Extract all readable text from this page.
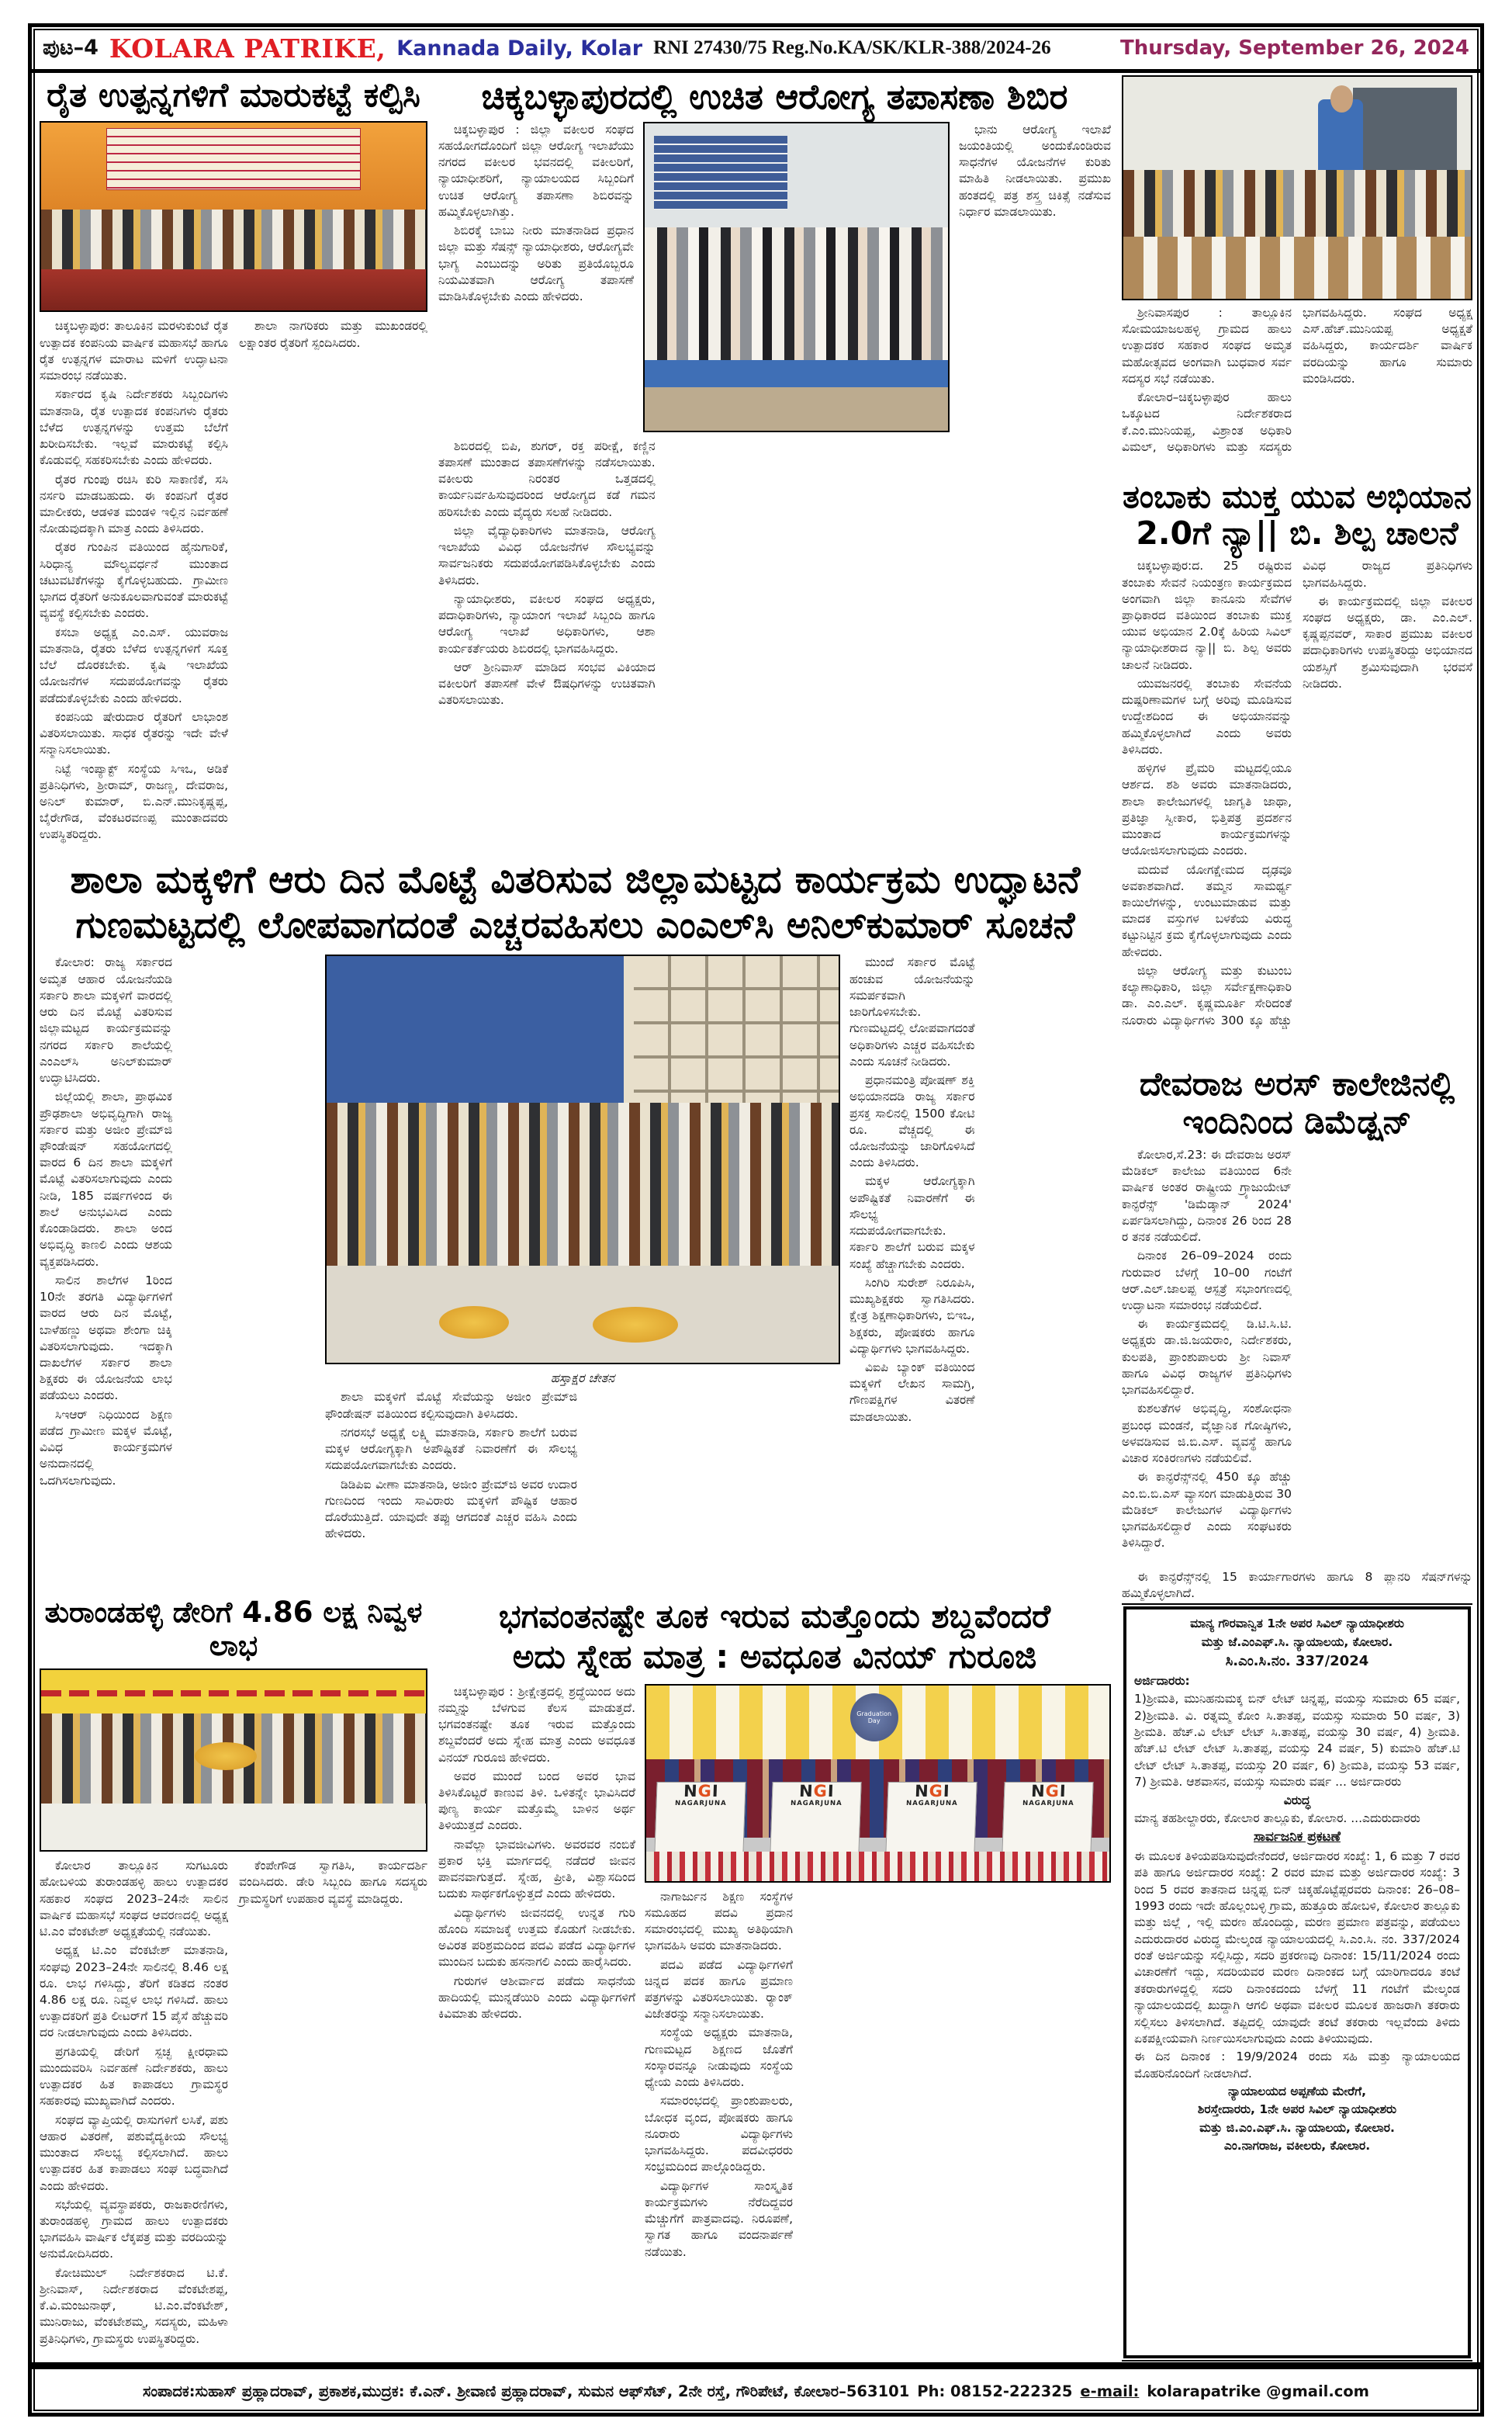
ಪುಟ–4 KOLARA PATRIKE, Kannada Daily, Kolar RNI 27430/75 Reg.No.KA/SK/KLR-388/2024-26	Thursday, September 26, 2024
ರೈತ ಉತ್ಪನ್ನಗಳಿಗೆ ಮಾರುಕಟ್ಟೆ ಕಲ್ಪಿಸಿ

ಚಿಕ್ಕಬಳ್ಳಾಪುರ: ತಾಲೂಕಿನ ಮರಳುಕುಂಟೆ ರೈತ ಉತ್ಪಾದಕ ಕಂಪನಿಯ ವಾರ್ಷಿಕ ಮಹಾಸಭೆ ಹಾಗೂ ರೈತ ಉತ್ಪನ್ನಗಳ ಮಾರಾಟ ಮಳಿಗೆ ಉದ್ಘಾಟನಾ ಸಮಾರಂಭ ನಡೆಯಿತು.

ಸರ್ಕಾರದ ಕೃಷಿ ನಿರ್ದೇಶಕರು ಸಿಬ್ಬಂದಿಗಳು ಮಾತನಾಡಿ, ರೈತ ಉತ್ಪಾದಕ ಕಂಪನಿಗಳು ರೈತರು ಬೆಳೆದ ಉತ್ಪನ್ನಗಳನ್ನು ಉತ್ತಮ ಬೆಲೆಗೆ ಖರೀದಿಸಬೇಕು. ಇಲ್ಲವೆ ಮಾರುಕಟ್ಟೆ ಕಲ್ಪಿಸಿ ಕೊಡುವಲ್ಲಿ ಸಹಕರಿಸಬೇಕು ಎಂದು ಹೇಳಿದರು.

ರೈತರ ಗುಂಪು ರಚಿಸಿ ಕುರಿ ಸಾಕಾಣಿಕೆ, ಸಸಿ ನರ್ಸರಿ ಮಾಡಬಹುದು. ಈ ಕಂಪನಿಗೆ ರೈತರ ಮಾಲೀಕರು, ಆಡಳಿತ ಮಂಡಳಿ ಇಲ್ಲಿನ ನಿರ್ವಹಣೆ ನೋಡುವುದಕ್ಕಾಗಿ ಮಾತ್ರ ಎಂದು ತಿಳಿಸಿದರು.

ರೈತರ ಗುಂಪಿನ ವತಿಯಿಂದ ಹೈನುಗಾರಿಕೆ, ಸಿರಿಧಾನ್ಯ ಮೌಲ್ಯವರ್ಧನೆ ಮುಂತಾದ ಚಟುವಟಿಕೆಗಳನ್ನು ಕೈಗೊಳ್ಳಬಹುದು. ಗ್ರಾಮೀಣ ಭಾಗದ ರೈತರಿಗೆ ಅನುಕೂಲವಾಗುವಂತೆ ಮಾರುಕಟ್ಟೆ ವ್ಯವಸ್ಥೆ ಕಲ್ಪಿಸಬೇಕು ಎಂದರು.

ಕಸಬಾ ಅಧ್ಯಕ್ಷ ಎಂ.ಎಸ್. ಯುವರಾಜ ಮಾತನಾಡಿ, ರೈತರು ಬೆಳೆದ ಉತ್ಪನ್ನಗಳಿಗೆ ಸೂಕ್ತ ಬೆಲೆ ದೊರಕಬೇಕು. ಕೃಷಿ ಇಲಾಖೆಯ ಯೋಜನೆಗಳ ಸದುಪಯೋಗವನ್ನು ರೈತರು ಪಡೆದುಕೊಳ್ಳಬೇಕು ಎಂದು ಹೇಳಿದರು.

ಕಂಪನಿಯ ಷೇರುದಾರ ರೈತರಿಗೆ ಲಾಭಾಂಶ ವಿತರಿಸಲಾಯಿತು. ಸಾಧಕ ರೈತರನ್ನು ಇದೇ ವೇಳೆ ಸನ್ಮಾನಿಸಲಾಯಿತು.

ನಿಟ್ಟೆ ಇಂಪ್ಯಾಕ್ಟ್ ಸಂಸ್ಥೆಯ ಸಿಇಒ, ಅಡಿಕೆ ಪ್ರತಿನಿಧಿಗಳು, ಶ್ರೀರಾಮ್, ರಾಜಣ್ಣ, ದೇವರಾಜ, ಅನಿಲ್ ಕುಮಾರ್, ಬಿ.ಎನ್.ಮುನಿಕೃಷ್ಣಪ್ಪ, ಬೈರೇಗೌಡ, ವೆಂಕಟರವಣಪ್ಪ ಮುಂತಾದವರು ಉಪಸ್ಥಿತರಿದ್ದರು.

ಶಾಲಾ ನಾಗರಿಕರು ಮತ್ತು ಮುಖಂಡರಲ್ಲಿ ಲಕ್ಷಾಂತರ ರೈತರಿಗೆ ಸ್ಪಂದಿಸಿದರು.

ಚಿಕ್ಕಬಳ್ಳಾಪುರದಲ್ಲಿ ಉಚಿತ ಆರೋಗ್ಯ ತಪಾಸಣಾ ಶಿಬಿರ

ಚಿಕ್ಕಬಳ್ಳಾಪುರ : ಜಿಲ್ಲಾ ವಕೀಲರ ಸಂಘದ ಸಹಯೋಗದೊಂದಿಗೆ ಜಿಲ್ಲಾ ಆರೋಗ್ಯ ಇಲಾಖೆಯು ನಗರದ ವಕೀಲರ ಭವನದಲ್ಲಿ ವಕೀಲರಿಗೆ, ನ್ಯಾಯಾಧೀಶರಿಗೆ, ನ್ಯಾಯಾಲಯದ ಸಿಬ್ಬಂದಿಗೆ ಉಚಿತ ಆರೋಗ್ಯ ತಪಾಸಣಾ ಶಿಬಿರವನ್ನು ಹಮ್ಮಿಕೊಳ್ಳಲಾಗಿತ್ತು.

ಶಿಬಿರಕ್ಕೆ ಬಾಬು ನೀರು ಮಾತನಾಡಿದ ಪ್ರಧಾನ ಜಿಲ್ಲಾ ಮತ್ತು ಸೆಷನ್ಸ್ ನ್ಯಾಯಾಧೀಶರು, ಆರೋಗ್ಯವೇ ಭಾಗ್ಯ ಎಂಬುದನ್ನು ಅರಿತು ಪ್ರತಿಯೊಬ್ಬರೂ ನಿಯಮಿತವಾಗಿ ಆರೋಗ್ಯ ತಪಾಸಣೆ ಮಾಡಿಸಿಕೊಳ್ಳಬೇಕು ಎಂದು ಹೇಳಿದರು.

ಭಾನು ಆರೋಗ್ಯ ಇಲಾಖೆ ಜಯಂತಿಯಲ್ಲಿ ಅಂದುಕೊಂಡಿರುವ ಸಾಧನೆಗಳ ಯೋಜನೆಗಳ ಕುರಿತು ಮಾಹಿತಿ ನೀಡಲಾಯಿತು. ಪ್ರಮುಖ ಹಂತದಲ್ಲಿ ಪತ್ರ ಶಸ್ತ್ರ ಚಿಕಿತ್ಸೆ ನಡೆಸುವ ನಿರ್ಧಾರ ಮಾಡಲಾಯಿತು.

ಶಿಬಿರದಲ್ಲಿ ಬಿಪಿ, ಶುಗರ್, ರಕ್ತ ಪರೀಕ್ಷೆ, ಕಣ್ಣಿನ ತಪಾಸಣೆ ಮುಂತಾದ ತಪಾಸಣೆಗಳನ್ನು ನಡೆಸಲಾಯಿತು. ವಕೀಲರು ನಿರಂತರ ಒತ್ತಡದಲ್ಲಿ ಕಾರ್ಯನಿರ್ವಹಿಸುವುದರಿಂದ ಆರೋಗ್ಯದ ಕಡೆ ಗಮನ ಹರಿಸಬೇಕು ಎಂದು ವೈದ್ಯರು ಸಲಹೆ ನೀಡಿದರು.

ಜಿಲ್ಲಾ ವೈದ್ಯಾಧಿಕಾರಿಗಳು ಮಾತನಾಡಿ, ಆರೋಗ್ಯ ಇಲಾಖೆಯ ವಿವಿಧ ಯೋಜನೆಗಳ ಸೌಲಭ್ಯವನ್ನು ಸಾರ್ವಜನಿಕರು ಸದುಪಯೋಗಪಡಿಸಿಕೊಳ್ಳಬೇಕು ಎಂದು ತಿಳಿಸಿದರು.

ನ್ಯಾಯಾಧೀಶರು, ವಕೀಲರ ಸಂಘದ ಅಧ್ಯಕ್ಷರು, ಪದಾಧಿಕಾರಿಗಳು, ನ್ಯಾಯಾಂಗ ಇಲಾಖೆ ಸಿಬ್ಬಂದಿ ಹಾಗೂ ಆರೋಗ್ಯ ಇಲಾಖೆ ಅಧಿಕಾರಿಗಳು, ಆಶಾ ಕಾರ್ಯಕರ್ತೆಯರು ಶಿಬಿರದಲ್ಲಿ ಭಾಗವಹಿಸಿದ್ದರು.

ಆರ್ ಶ್ರೀನಿವಾಸ್ ಮಾಡಿದ ಸಂಭವ ವಿಕಿಯಾದ ವಕೀಲರಿಗೆ ತಪಾಸಣೆ ವೇಳೆ ಔಷಧಿಗಳನ್ನು ಉಚಿತವಾಗಿ ವಿತರಿಸಲಾಯಿತು.

ಶ್ರೀನಿವಾಸಪುರ : ತಾಲ್ಲೂಕಿನ ಸೋಮಯಾಜಲಹಳ್ಳಿ ಗ್ರಾಮದ ಹಾಲು ಉತ್ಪಾದಕರ ಸಹಕಾರ ಸಂಘದ ಅಮೃತ ಮಹೋತ್ಸವದ ಅಂಗವಾಗಿ ಬುಧವಾರ ಸರ್ವ ಸದಸ್ಯರ ಸಭೆ ನಡೆಯಿತು.

ಕೋಲಾರ–ಚಿಕ್ಕಬಳ್ಳಾಪುರ ಹಾಲು ಒಕ್ಕೂಟದ ನಿರ್ದೇಶಕರಾದ ಕೆ.ಎಂ.ಮುನಿಯಪ್ಪ, ವಿಶ್ರಾಂತ ಅಧಿಕಾರಿ ವಿಮಲ್, ಅಧಿಕಾರಿಗಳು ಮತ್ತು ಸದಸ್ಯರು ಭಾಗವಹಿಸಿದ್ದರು. ಸಂಘದ ಅಧ್ಯಕ್ಷ ಎಸ್.ಹೆಚ್.ಮುನಿಯಪ್ಪ ಅಧ್ಯಕ್ಷತೆ ವಹಿಸಿದ್ದರು, ಕಾರ್ಯದರ್ಶಿ ವಾರ್ಷಿಕ ವರದಿಯನ್ನು ಹಾಗೂ ಸುಮಾರು ಮಂಡಿಸಿದರು.

ತಂಬಾಕು ಮುಕ್ತ ಯುವ ಅಭಿಯಾನ
2.0ಗೆ ನ್ಯಾ|| ಬಿ. ಶಿಲ್ಪ ಚಾಲನೆ

ಚಿಕ್ಕಬಳ್ಳಾಪುರ:ದ. 25 ರಷ್ಟಿರುವ ತಂಬಾಕು ಸೇವನೆ ನಿಯಂತ್ರಣ ಕಾರ್ಯಕ್ರಮದ ಅಂಗವಾಗಿ ಜಿಲ್ಲಾ ಕಾನೂನು ಸೇವೆಗಳ ಪ್ರಾಧಿಕಾರದ ವತಿಯಿಂದ ತಂಬಾಕು ಮುಕ್ತ ಯುವ ಅಭಿಯಾನ 2.0ಕ್ಕೆ ಹಿರಿಯ ಸಿವಿಲ್ ನ್ಯಾಯಾಧೀಶರಾದ ನ್ಯಾ|| ಬಿ. ಶಿಲ್ಪ ಅವರು ಚಾಲನೆ ನೀಡಿದರು.

ಯುವಜನರಲ್ಲಿ ತಂಬಾಕು ಸೇವನೆಯ ದುಷ್ಪರಿಣಾಮಗಳ ಬಗ್ಗೆ ಅರಿವು ಮೂಡಿಸುವ ಉದ್ದೇಶದಿಂದ ಈ ಅಭಿಯಾನವನ್ನು ಹಮ್ಮಿಕೊಳ್ಳಲಾಗಿದೆ ಎಂದು ಅವರು ತಿಳಿಸಿದರು.

ಹಳ್ಳಿಗಳ ಪ್ರೈಮರಿ ಮಟ್ಟದಲ್ಲಿಯೂ ಆರ್ಶದ. ಶಶಿ ಅವರು ಮಾತನಾಡಿದರು, ಶಾಲಾ ಕಾಲೇಜುಗಳಲ್ಲಿ ಜಾಗೃತಿ ಜಾಥಾ, ಪ್ರತಿಜ್ಞಾ ಸ್ವೀಕಾರ, ಭಿತ್ತಿಪತ್ರ ಪ್ರದರ್ಶನ ಮುಂತಾದ ಕಾರ್ಯಕ್ರಮಗಳನ್ನು ಆಯೋಜಿಸಲಾಗುವುದು ಎಂದರು.

ಮದುವೆ ಯೋಗಕ್ಷೇಮದ ದೃಢವೂ ಅವಕಾಶವಾಗಿದೆ. ತಮ್ಮನ ಸಾಮರ್ಥ್ಯ ಕಾಯಿಲೆಗಳನ್ನು, ಉಂಟುಮಾಡುವ ಮತ್ತು ಮಾದಕ ವಸ್ತುಗಳ ಬಳಕೆಯ ವಿರುದ್ಧ ಕಟ್ಟುನಿಟ್ಟಿನ ಕ್ರಮ ಕೈಗೊಳ್ಳಲಾಗುವುದು ಎಂದು ಹೇಳಿದರು.

ಜಿಲ್ಲಾ ಆರೋಗ್ಯ ಮತ್ತು ಕುಟುಂಬ ಕಲ್ಯಾಣಾಧಿಕಾರಿ, ಜಿಲ್ಲಾ ಸರ್ವೇಕ್ಷಣಾಧಿಕಾರಿ ಡಾ. ಎಂ.ಎಲ್. ಕೃಷ್ಣಮೂರ್ತಿ ಸೇರಿದಂತೆ ನೂರಾರು ವಿದ್ಯಾರ್ಥಿಗಳು 300 ಕ್ಕೂ ಹೆಚ್ಚು ವಿವಿಧ ರಾಜ್ಯದ ಪ್ರತಿನಿಧಿಗಳು ಭಾಗವಹಿಸಿದ್ದರು.

ಈ ಕಾರ್ಯಕ್ರಮದಲ್ಲಿ ಜಿಲ್ಲಾ ವಕೀಲರ ಸಂಘದ ಅಧ್ಯಕ್ಷರು, ಡಾ. ಎಂ.ಎಲ್. ಕೃಷ್ಣಪ್ಪನವರ್, ಸಾಕಾರ ಪ್ರಮುಖ ವಕೀಲರ ಪದಾಧಿಕಾರಿಗಳು ಉಪಸ್ಥಿತರಿದ್ದು ಅಭಿಯಾನದ ಯಶಸ್ಸಿಗೆ ಶ್ರಮಿಸುವುದಾಗಿ ಭರವಸೆ ನೀಡಿದರು.

ದೇವರಾಜ ಅರಸ್ ಕಾಲೇಜಿನಲ್ಲಿ
ಇಂದಿನಿಂದ ಡಿಮೆಡ್ಷನ್

ಕೋಲಾರ,ಸೆ.23: ಈ ದೇವರಾಜ ಅರಸ್ ಮೆಡಿಕಲ್ ಕಾಲೇಜು ವತಿಯಿಂದ 6ನೇ ವಾರ್ಷಿಕ ಅಂತರ ರಾಷ್ಟ್ರೀಯ ಗ್ರ್ಯಾಜುಯೇಟ್ ಕಾನ್ಫರೆನ್ಸ್ 'ಡಿಮೆಡ್ಕಾನ್ 2024' ಏರ್ಪಡಿಸಲಾಗಿದ್ದು, ದಿನಾಂಕ 26 ರಿಂದ 28 ರ ತನಕ ನಡೆಯಲಿದೆ.

ದಿನಾಂಕ 26–09–2024 ರಂದು ಗುರುವಾರ ಬೆಳಗ್ಗೆ 10–00 ಗಂಟೆಗೆ ಆರ್.ಎಲ್.ಜಾಲಪ್ಪ ಆಸ್ಪತ್ರೆ ಸಭಾಂಗಣದಲ್ಲಿ ಉದ್ಘಾಟನಾ ಸಮಾರಂಭ ನಡೆಯಲಿದೆ.

ಈ ಕಾರ್ಯಕ್ರಮದಲ್ಲಿ ಡಿ.ಟಿ.ಸಿ.ಟಿ. ಅಧ್ಯಕ್ಷರು ಡಾ.ಜಿ.ಜಯರಾಂ, ನಿರ್ದೇಶಕರು, ಕುಲಪತಿ, ಪ್ರಾಂಶುಪಾಲರು ಶ್ರೀ ನಿವಾಸ್ ಹಾಗೂ ವಿವಿಧ ರಾಜ್ಯಗಳ ಪ್ರತಿನಿಧಿಗಳು ಭಾಗವಹಿಸಲಿದ್ದಾರೆ.

ಕುಶಲತೆಗಳ ಅಭಿವೃದ್ಧಿ, ಸಂಶೋಧನಾ ಪ್ರಬಂಧ ಮಂಡನೆ, ವೈಜ್ಞಾನಿಕ ಗೋಷ್ಠಿಗಳು, ಅಳವಡಿಸುವ ಜಿ.ಬಿ.ಎಸ್. ವ್ಯವಸ್ಥೆ ಹಾಗೂ ವಿಚಾರ ಸಂಕಿರಣಗಳು ನಡೆಯಲಿವೆ.

ಈ ಕಾನ್ಫರೆನ್ಸ್‌ನಲ್ಲಿ 450 ಕ್ಕೂ ಹೆಚ್ಚು ಎಂ.ಬಿ.ಬಿ.ಎಸ್ ವ್ಯಾಸಂಗ ಮಾಡುತ್ತಿರುವ 30 ಮೆಡಿಕಲ್ ಕಾಲೇಜುಗಳ ವಿದ್ಯಾರ್ಥಿಗಳು ಭಾಗವಹಿಸಲಿದ್ದಾರೆ ಎಂದು ಸಂಘಟಕರು ತಿಳಿಸಿದ್ದಾರೆ.

ಈ ಕಾನ್ಫರೆನ್ಸ್‌ನಲ್ಲಿ 15 ಕಾರ್ಯಾಗಾರಗಳು ಹಾಗೂ 8 ಪ್ಲಾನರಿ ಸೆಷನ್‌ಗಳನ್ನು ಹಮ್ಮಿಕೊಳ್ಳಲಾಗಿದೆ.

ಮಾನ್ಯ ಗೌರವಾನ್ವಿತ 1ನೇ ಅಪರ ಸಿವಿಲ್ ನ್ಯಾಯಾಧೀಶರು

ಮತ್ತು ಜೆ.ಎಂಎಫ್.ಸಿ. ನ್ಯಾಯಾಲಯ, ಕೋಲಾರ.

ಸಿ.ಎಂ.ಸಿ.ನಂ. 337/2024

ಅರ್ಜಿದಾರರು:

1)ಶ್ರೀಮತಿ, ಮುನಿಹನುಮಕ್ಕ ಬಿನ್ ಲೇಟ್ ಚಿನ್ನಪ್ಪ, ವಯಸ್ಸು ಸುಮಾರು 65 ವರ್ಷ, 2)ಶ್ರೀಮತಿ. ವಿ. ರತ್ನಮ್ಮ ಕೋಂ ಸಿ.ತಾತಪ್ಪ, ವಯಸ್ಸು ಸುಮಾರು 50 ವರ್ಷ, 3) ಶ್ರೀಮತಿ. ಹೆಚ್.ವಿ ಲೇಟ್ ಲೇಟ್ ಸಿ.ತಾತಪ್ಪ, ವಯಸ್ಸು 30 ವರ್ಷ, 4) ಶ್ರೀಮತಿ. ಹೆಚ್.ಟಿ ಲೇಟ್ ಲೇಟ್ ಸಿ.ತಾತಪ್ಪ, ವಯಸ್ಸು 24 ವರ್ಷ, 5) ಕುಮಾರಿ ಹೆಚ್.ಟಿ ಲೇಟ್ ಲೇಟ್ ಸಿ.ತಾತಪ್ಪ, ವಯಸ್ಸು 20 ವರ್ಷ, 6) ಶ್ರೀಮತಿ, ವಯಸ್ಸು 53 ವರ್ಷ, 7) ಶ್ರೀಮತಿ. ಆಶವಾಸನ, ವಯಸ್ಸು ಸುಮಾರು ವರ್ಷ ... ಅರ್ಜಿದಾರರು

ವಿರುದ್ಧ

ಮಾನ್ಯ ತಹಶೀಲ್ದಾರರು, ಕೋಲಾರ ತಾಲ್ಲೂಕು, ಕೋಲಾರ. ...ಎದುರುದಾರರು

ಸಾರ್ವಜನಿಕ ಪ್ರಕಟಣೆ

ಈ ಮೂಲಕ ತಿಳಿಯಪಡಿಸುವುದೇನೆಂದರೆ, ಅರ್ಜಿದಾರರ ಸಂಖ್ಯೆ: 1, 6 ಮತ್ತು 7 ರವರ ಪತಿ ಹಾಗೂ ಅರ್ಜಿದಾರರ ಸಂಖ್ಯೆ: 2 ರವರ ಮಾವ ಮತ್ತು ಅರ್ಜಿದಾರರ ಸಂಖ್ಯೆ: 3 ರಿಂದ 5 ರವರ ತಾತನಾದ ಚಿನ್ನಪ್ಪ ಬಿನ್ ಚಿಕ್ಕಹೊಟ್ಟೆಪ್ಪರವರು ದಿನಾಂಕ: 26–08–1993 ರಂದು ಇದೇ ಹೊಲ್ಲಂಬಳ್ಳಿ ಗ್ರಾಮ, ಹುತ್ತೂರು ಹೋಬಳಿ, ಕೋಲಾರ ತಾಲ್ಲೂಕು ಮತ್ತು ಜಿಲ್ಲೆ , ಇಲ್ಲಿ ಮರಣ ಹೊಂದಿದ್ದು, ಮರಣ ಪ್ರಮಾಣ ಪತ್ರವನ್ನು, ಪಡೆಯಲು ಎದುರುದಾರರ ವಿರುದ್ಧ ಮೇಲ್ಕಂಡ ನ್ಯಾಯಾಲಯದಲ್ಲಿ ಸಿ.ಎಂ.ಸಿ. ನಂ. 337/2024 ರಂತೆ ಅರ್ಜಿಯನ್ನು ಸಲ್ಲಿಸಿದ್ದು, ಸದರಿ ಪ್ರಕರಣವು ದಿನಾಂಕ: 15/11/2024 ರಂದು ವಿಚಾರಣೆಗೆ ಇದ್ದು, ಸದರಿಯವರ ಮರಣ ದಿನಾಂಕದ ಬಗ್ಗೆ ಯಾರಿಗಾದರೂ ತಂಟೆ ತಕರಾರುಗಳಿದ್ದಲ್ಲಿ ಸದರಿ ದಿನಾಂಕದಂದು ಬೆಳಗ್ಗೆ 11 ಗಂಟೆಗೆ ಮೇಲ್ಕಂಡ ನ್ಯಾಯಾಲಯದಲ್ಲಿ ಖುದ್ದಾಗಿ ಆಗಲಿ ಅಥವಾ ವಕೀಲರ ಮೂಲಕ ಹಾಜರಾಗಿ ತಕರಾರು ಸಲ್ಲಿಸಲು ತಿಳಿಸಲಾಗಿದೆ. ತಪ್ಪಿದಲ್ಲಿ ಯಾವುದೇ ತಂಟೆ ತಕರಾರು ಇಲ್ಲವೆಂದು ತಿಳಿದು ಏಕಪಕ್ಷೀಯವಾಗಿ ನಿರ್ಣಯಿಸಲಾಗುವುದು ಎಂದು ತಿಳಿಯುವುದು.

ಈ ದಿನ ದಿನಾಂಕ : 19/9/2024 ರಂದು ಸಹಿ ಮತ್ತು ನ್ಯಾಯಾಲಯದ ಮೊಹರಿನೊಂದಿಗೆ ನೀಡಲಾಗಿದೆ.

ನ್ಯಾಯಾಲಯದ ಅಪ್ಪಣೆಯ ಮೇರೆಗೆ,

ಶಿರಸ್ತೇದಾರರು, 1ನೇ ಅಪರ ಸಿವಿಲ್ ನ್ಯಾಯಾಧೀಶರು

ಮತ್ತು ಜಿ.ಎಂ.ಎಫ್.ಸಿ. ನ್ಯಾಯಾಲಯ, ಕೋಲಾರ.

ಎಂ.ನಾಗರಾಜ, ವಕೀಲರು, ಕೋಲಾರ.

ಶಾಲಾ ಮಕ್ಕಳಿಗೆ ಆರು ದಿನ ಮೊಟ್ಟೆ ವಿತರಿಸುವ ಜಿಲ್ಲಾಮಟ್ಟದ ಕಾರ್ಯಕ್ರಮ ಉದ್ಘಾಟನೆ
ಗುಣಮಟ್ಟದಲ್ಲಿ ಲೋಪವಾಗದಂತೆ ಎಚ್ಚರವಹಿಸಲು ಎಂಎಲ್‌ಸಿ ಅನಿಲ್‌ಕುಮಾರ್ ಸೂಚನೆ

ಕೋಲಾರ: ರಾಜ್ಯ ಸರ್ಕಾರದ ಅಮೃತ ಆಹಾರ ಯೋಜನೆಯಡಿ ಸರ್ಕಾರಿ ಶಾಲಾ ಮಕ್ಕಳಿಗೆ ವಾರದಲ್ಲಿ ಆರು ದಿನ ಮೊಟ್ಟೆ ವಿತರಿಸುವ ಜಿಲ್ಲಾಮಟ್ಟದ ಕಾರ್ಯಕ್ರಮವನ್ನು ನಗರದ ಸರ್ಕಾರಿ ಶಾಲೆಯಲ್ಲಿ ಎಂಎಲ್‌ಸಿ ಅನಿಲ್‌ಕುಮಾರ್ ಉದ್ಘಾಟಿಸಿದರು.

ಜಿಲ್ಲೆಯಲ್ಲಿ ಶಾಲಾ, ಪ್ರಾಥಮಿಕ ಪ್ರೌಢಶಾಲಾ ಅಭಿವೃದ್ಧಿಗಾಗಿ ರಾಜ್ಯ ಸರ್ಕಾರ ಮತ್ತು ಅಜೀಂ ಪ್ರೇಮ್‌ಜಿ ಫೌಂಡೇಷನ್ ಸಹಯೋಗದಲ್ಲಿ ವಾರದ 6 ದಿನ ಶಾಲಾ ಮಕ್ಕಳಿಗೆ ಮೊಟ್ಟೆ ವಿತರಿಸಲಾಗುವುದು ಎಂದು ನೀಡಿ, 185 ವರ್ಷಗಳಿಂದ ಈ ಶಾಲೆ ಅನುಭವಿಸಿದ ಎಂದು ಕೊಂಡಾಡಿದರು. ಶಾಲಾ ಅಂದ ಅಭಿವೃದ್ಧಿ ಕಾಣಲಿ ಎಂದು ಆಶಯ ವ್ಯಕ್ತಪಡಿಸಿದರು.

ಸಾಲಿನ ಶಾಲೆಗಳ 1ರಿಂದ 10ನೇ ತರಗತಿ ವಿದ್ಯಾರ್ಥಿಗಳಿಗೆ ವಾರದ ಆರು ದಿನ ಮೊಟ್ಟೆ, ಬಾಳೆಹಣ್ಣು ಅಥವಾ ಶೇಂಗಾ ಚಿಕ್ಕಿ ವಿತರಿಸಲಾಗುವುದು. ಇದಕ್ಕಾಗಿ ದಾಖಲೆಗಳ ಸರ್ಕಾರ ಶಾಲಾ ಶಿಕ್ಷಕರು ಈ ಯೋಜನೆಯ ಲಾಭ ಪಡೆಯಲು ಎಂದರು.

ಸಿಇಆರ್ ನಿಧಿಯಿಂದ ಶಿಕ್ಷಣ ಪಡೆದ ಗ್ರಾಮೀಣ ಮಕ್ಕಳ ಮೊಟ್ಟೆ, ವಿವಿಧ ಕಾರ್ಯಕ್ರಮಗಳ ಅನುದಾನದಲ್ಲಿ ಒದಗಿಸಲಾಗುವುದು.

ಹಸ್ತಾಕ್ಷರ ಚೇತನ

ಶಾಲಾ ಮಕ್ಕಳಿಗೆ ಮೊಟ್ಟೆ ಸೇವೆಯನ್ನು ಅಜೀಂ ಪ್ರೇಮ್‌ಜಿ ಫೌಂಡೇಷನ್ ವತಿಯಿಂದ ಕಲ್ಪಿಸುವುದಾಗಿ ತಿಳಿಸಿದರು.

ನಗರಸಭೆ ಅಧ್ಯಕ್ಷೆ ಲಕ್ಷ್ಮಿ ಮಾತನಾಡಿ, ಸರ್ಕಾರಿ ಶಾಲೆಗೆ ಬರುವ ಮಕ್ಕಳ ಆರೋಗ್ಯಕ್ಕಾಗಿ ಅಪೌಷ್ಟಿಕತೆ ನಿವಾರಣೆಗೆ ಈ ಸೌಲಭ್ಯ ಸದುಪಯೋಗವಾಗಬೇಕು ಎಂದರು.

ಡಿಡಿಪಿಐ ವೀಣಾ ಮಾತನಾಡಿ, ಅಜೀಂ ಪ್ರೇಮ್‌ಜಿ ಅವರ ಉದಾರ ಗುಣದಿಂದ ಇಂದು ಸಾವಿರಾರು ಮಕ್ಕಳಿಗೆ ಪೌಷ್ಟಿಕ ಆಹಾರ ದೊರೆಯುತ್ತಿದೆ. ಯಾವುದೇ ತಪ್ಪು ಆಗದಂತೆ ಎಚ್ಚರ ವಹಿಸಿ ಎಂದು ಹೇಳಿದರು.

ಮುಂದೆ ಸರ್ಕಾರ ಮೊಟ್ಟೆ ಹಂಚುವ ಯೋಜನೆಯನ್ನು ಸಮರ್ಪಕವಾಗಿ ಜಾರಿಗೊಳಿಸಬೇಕು. ಗುಣಮಟ್ಟದಲ್ಲಿ ಲೋಪವಾಗದಂತೆ ಅಧಿಕಾರಿಗಳು ಎಚ್ಚರ ವಹಿಸಬೇಕು ಎಂದು ಸೂಚನೆ ನೀಡಿದರು.

ಪ್ರಧಾನಮಂತ್ರಿ ಪೋಷಣ್ ಶಕ್ತಿ ಅಭಿಯಾನದಡಿ ರಾಜ್ಯ ಸರ್ಕಾರ ಪ್ರಸಕ್ತ ಸಾಲಿನಲ್ಲಿ 1500 ಕೋಟಿ ರೂ. ವೆಚ್ಚದಲ್ಲಿ ಈ ಯೋಜನೆಯನ್ನು ಜಾರಿಗೊಳಿಸಿದೆ ಎಂದು ತಿಳಿಸಿದರು.

ಮಕ್ಕಳ ಆರೋಗ್ಯಕ್ಕಾಗಿ ಅಪೌಷ್ಟಿಕತೆ ನಿವಾರಣೆಗೆ ಈ ಸೌಲಭ್ಯ ಸದುಪಯೋಗವಾಗಬೇಕು. ಸರ್ಕಾರಿ ಶಾಲೆಗೆ ಬರುವ ಮಕ್ಕಳ ಸಂಖ್ಯೆ ಹೆಚ್ಚಾಗಬೇಕು ಎಂದರು.

ಸಿಂಗಿರಿ ಸುರೇಶ್ ನಿರೂಪಿಸಿ, ಮುಖ್ಯಶಿಕ್ಷಕರು ಸ್ವಾಗತಿಸಿದರು. ಕ್ಷೇತ್ರ ಶಿಕ್ಷಣಾಧಿಕಾರಿಗಳು, ಬಿಇಒ, ಶಿಕ್ಷಕರು, ಪೋಷಕರು ಹಾಗೂ ವಿದ್ಯಾರ್ಥಿಗಳು ಭಾಗವಹಿಸಿದ್ದರು.

ವಿಐಪಿ ಬ್ಯಾಂಕ್ ವತಿಯಿಂದ ಮಕ್ಕಳಿಗೆ ಲೇಖನ ಸಾಮಗ್ರಿ, ಗೌಣಪಕ್ಷಿಗಳ ವಿತರಣೆ ಮಾಡಲಾಯಿತು.

ತುರಾಂಡಹಳ್ಳಿ ಡೇರಿಗೆ 4.86 ಲಕ್ಷ ನಿವ್ವಳ ಲಾಭ

ಕೋಲಾರ ತಾಲ್ಲೂಕಿನ ಸುಗಟೂರು ಹೋಬಳಿಯ ತುರಾಂಡಹಳ್ಳಿ ಹಾಲು ಉತ್ಪಾದಕರ ಸಹಕಾರ ಸಂಘದ 2023–24ನೇ ಸಾಲಿನ ವಾರ್ಷಿಕ ಮಹಾಸಭೆ ಸಂಘದ ಆವರಣದಲ್ಲಿ ಅಧ್ಯಕ್ಷ ಟಿ.ಎಂ ವೆಂಕಟೇಶ್ ಅಧ್ಯಕ್ಷತೆಯಲ್ಲಿ ನಡೆಯಿತು.

ಅಧ್ಯಕ್ಷ ಟಿ.ಎಂ ವೆಂಕಟೇಶ್ ಮಾತನಾಡಿ, ಸಂಘವು 2023–24ನೇ ಸಾಲಿನಲ್ಲಿ 8.46 ಲಕ್ಷ ರೂ. ಲಾಭ ಗಳಿಸಿದ್ದು, ತೆರಿಗೆ ಕಡಿತದ ನಂತರ 4.86 ಲಕ್ಷ ರೂ. ನಿವ್ವಳ ಲಾಭ ಗಳಿಸಿದೆ. ಹಾಲು ಉತ್ಪಾದಕರಿಗೆ ಪ್ರತಿ ಲೀಟರ್‌ಗೆ 15 ಪೈಸೆ ಹೆಚ್ಚುವರಿ ದರ ನೀಡಲಾಗುವುದು ಎಂದು ತಿಳಿಸಿದರು.

ಪ್ರಗತಿಯಲ್ಲಿ ಡೇರಿಗೆ ಸ್ಪಚ್ಛ ಕ್ಷೀರಧಾಮ ಮುಂದುವರಿಸಿ ನಿರ್ವಹಣೆ ನಿರ್ದೇಶಕರು, ಹಾಲು ಉತ್ಪಾದಕರ ಹಿತ ಕಾಪಾಡಲು ಗ್ರಾಮಸ್ಥರ ಸಹಕಾರವು ಮುಖ್ಯವಾಗಿದೆ ಎಂದರು.

ಸಂಘದ ವ್ಯಾಪ್ತಿಯಲ್ಲಿ ರಾಸುಗಳಿಗೆ ಲಸಿಕೆ, ಪಶು ಆಹಾರ ವಿತರಣೆ, ಪಶುವೈದ್ಯಕೀಯ ಸೌಲಭ್ಯ ಮುಂತಾದ ಸೌಲಭ್ಯ ಕಲ್ಪಿಸಲಾಗಿದೆ. ಹಾಲು ಉತ್ಪಾದಕರ ಹಿತ ಕಾಪಾಡಲು ಸಂಘ ಬದ್ಧವಾಗಿದೆ ಎಂದು ಹೇಳಿದರು.

ಸಭೆಯಲ್ಲಿ ವ್ಯವಸ್ಥಾಪಕರು, ರಾಜಕಾರಣಿಗಳು, ತುರಾಂಡಹಳ್ಳಿ ಗ್ರಾಮದ ಹಾಲು ಉತ್ಪಾದಕರು ಭಾಗವಹಿಸಿ ವಾರ್ಷಿಕ ಲೆಕ್ಕಪತ್ರ ಮತ್ತು ವರದಿಯನ್ನು ಅನುಮೋದಿಸಿದರು.

ಕೋಚಿಮುಲ್ ನಿರ್ದೇಶಕರಾದ ಟಿ.ಕೆ. ಶ್ರೀನಿವಾಸ್, ನಿರ್ದೇಶಕರಾದ ವೆಂಕಟೇಶಪ್ಪ, ಕೆ.ವಿ.ಮಂಜುನಾಥ್, ಟಿ.ಎಂ.ವೆಂಕಟೇಶ್, ಮುನಿರಾಜು, ವೆಂಕಟೇಶಮ್ಮ, ಸದಸ್ಯರು, ಮಹಿಳಾ ಪ್ರತಿನಿಧಿಗಳು, ಗ್ರಾಮಸ್ಥರು ಉಪಸ್ಥಿತರಿದ್ದರು.

ಕೆಂಪೇಗೌಡ ಸ್ವಾಗತಿಸಿ, ಕಾರ್ಯದರ್ಶಿ ವಂದಿಸಿದರು. ಡೇರಿ ಸಿಬ್ಬಂದಿ ಹಾಗೂ ಸದಸ್ಯರು ಗ್ರಾಮಸ್ಥರಿಗೆ ಉಪಹಾರ ವ್ಯವಸ್ಥೆ ಮಾಡಿದ್ದರು.

ಭಗವಂತನಷ್ಟೇ ತೂಕ ಇರುವ ಮತ್ತೊಂದು ಶಬ್ದವೆಂದರೆ
ಅದು ಸ್ನೇಹ ಮಾತ್ರ : ಅವಧೂತ ವಿನಯ್ ಗುರೂಜಿ

ಚಿಕ್ಕಬಳ್ಳಾಪುರ : ಶ್ರೀಕ್ಷೇತ್ರದಲ್ಲಿ ಶ್ರದ್ಧೆಯಿಂದ ಅದು ನಮ್ಮನ್ನು ಬೆಳಗುವ ಕೆಲಸ ಮಾಡುತ್ತದೆ. ಭಗವಂತನಷ್ಟೇ ತೂಕ ಇರುವ ಮತ್ತೊಂದು ಶಬ್ದವೆಂದರೆ ಅದು ಸ್ನೇಹ ಮಾತ್ರ ಎಂದು ಅವಧೂತ ವಿನಯ್ ಗುರೂಜಿ ಹೇಳಿದರು.

ಅವರ ಮುಂದೆ ಬಂದ ಅವರ ಭಾವ ತಿಳಿಸಿಕೊಟ್ಟರೆ ಕಾಣುವ ತಿಳಿ. ಒಳಿತನ್ನೇ ಭಾವಿಸಿದರೆ ಪುಣ್ಯ ಕಾರ್ಯ ಮತ್ತೊಮ್ಮೆ ಬಾಳಿನ ಅರ್ಥ ತಿಳಿಯುತ್ತದೆ ಎಂದರು.

ನಾವೆಲ್ಲಾ ಭಾವಜೀವಿಗಳು. ಅವರವರ ನಂಬಿಕೆ ಪ್ರಕಾರ ಭಕ್ತಿ ಮಾರ್ಗದಲ್ಲಿ ನಡೆದರೆ ಜೀವನ ಪಾವನವಾಗುತ್ತದೆ. ಸ್ನೇಹ, ಪ್ರೀತಿ, ವಿಶ್ವಾಸದಿಂದ ಬದುಕು ಸಾರ್ಥಕಗೊಳ್ಳುತ್ತದೆ ಎಂದು ಹೇಳಿದರು.

ವಿದ್ಯಾರ್ಥಿಗಳು ಜೀವನದಲ್ಲಿ ಉನ್ನತ ಗುರಿ ಹೊಂದಿ ಸಮಾಜಕ್ಕೆ ಉತ್ತಮ ಕೊಡುಗೆ ನೀಡಬೇಕು. ಅವಿರತ ಪರಿಶ್ರಮದಿಂದ ಪದವಿ ಪಡೆದ ವಿದ್ಯಾರ್ಥಿಗಳ ಮುಂದಿನ ಬದುಕು ಹಸನಾಗಲಿ ಎಂದು ಹಾರೈಸಿದರು.

ಗುರುಗಳ ಆಶೀರ್ವಾದ ಪಡೆದು ಸಾಧನೆಯ ಹಾದಿಯಲ್ಲಿ ಮುನ್ನಡೆಯಿರಿ ಎಂದು ವಿದ್ಯಾರ್ಥಿಗಳಿಗೆ ಕಿವಿಮಾತು ಹೇಳಿದರು.

Graduation Day
NGI
NAGARJUNA
NGI
NAGARJUNA
NGI
NAGARJUNA
NGI
NAGARJUNA

ನಾಗಾರ್ಜುನ ಶಿಕ್ಷಣ ಸಂಸ್ಥೆಗಳ ಸಮೂಹದ ಪದವಿ ಪ್ರದಾನ ಸಮಾರಂಭದಲ್ಲಿ ಮುಖ್ಯ ಅತಿಥಿಯಾಗಿ ಭಾಗವಹಿಸಿ ಅವರು ಮಾತನಾಡಿದರು.

ಪದವಿ ಪಡೆದ ವಿದ್ಯಾರ್ಥಿಗಳಿಗೆ ಚಿನ್ನದ ಪದಕ ಹಾಗೂ ಪ್ರಮಾಣ ಪತ್ರಗಳನ್ನು ವಿತರಿಸಲಾಯಿತು. ರ‍್ಯಾಂಕ್ ವಿಜೇತರನ್ನು ಸನ್ಮಾನಿಸಲಾಯಿತು.

ಸಂಸ್ಥೆಯ ಅಧ್ಯಕ್ಷರು ಮಾತನಾಡಿ, ಗುಣಮಟ್ಟದ ಶಿಕ್ಷಣದ ಜೊತೆಗೆ ಸಂಸ್ಕಾರವನ್ನೂ ನೀಡುವುದು ಸಂಸ್ಥೆಯ ಧ್ಯೇಯ ಎಂದು ತಿಳಿಸಿದರು.

ಸಮಾರಂಭದಲ್ಲಿ ಪ್ರಾಂಶುಪಾಲರು, ಬೋಧಕ ವೃಂದ, ಪೋಷಕರು ಹಾಗೂ ನೂರಾರು ವಿದ್ಯಾರ್ಥಿಗಳು ಭಾಗವಹಿಸಿದ್ದರು. ಪದವೀಧರರು ಸಂಭ್ರಮದಿಂದ ಪಾಲ್ಗೊಂಡಿದ್ದರು.

ವಿದ್ಯಾರ್ಥಿಗಳ ಸಾಂಸ್ಕೃತಿಕ ಕಾರ್ಯಕ್ರಮಗಳು ನೆರೆದಿದ್ದವರ ಮೆಚ್ಚುಗೆಗೆ ಪಾತ್ರವಾದವು. ನಿರೂಪಣೆ, ಸ್ವಾಗತ ಹಾಗೂ ವಂದನಾರ್ಪಣೆ ನಡೆಯಿತು.

ಸಂಪಾದಕ:ಸುಹಾಸ್ ಪ್ರಹ್ಲಾದರಾವ್, ಪ್ರಕಾಶಕ,ಮುದ್ರಕ: ಕೆ.ಎನ್. ಶ್ರೀವಾಣಿ ಪ್ರಹ್ಲಾದರಾವ್, ಸುಮನ ಆಫ್‌ಸೆಟ್, 2ನೇ ರಸ್ತೆ, ಗೌರಿಪೇಟೆ, ಕೋಲಾರ–563101 Ph: 08152-222325 e-mail: kolarapatrike @gmail.com
